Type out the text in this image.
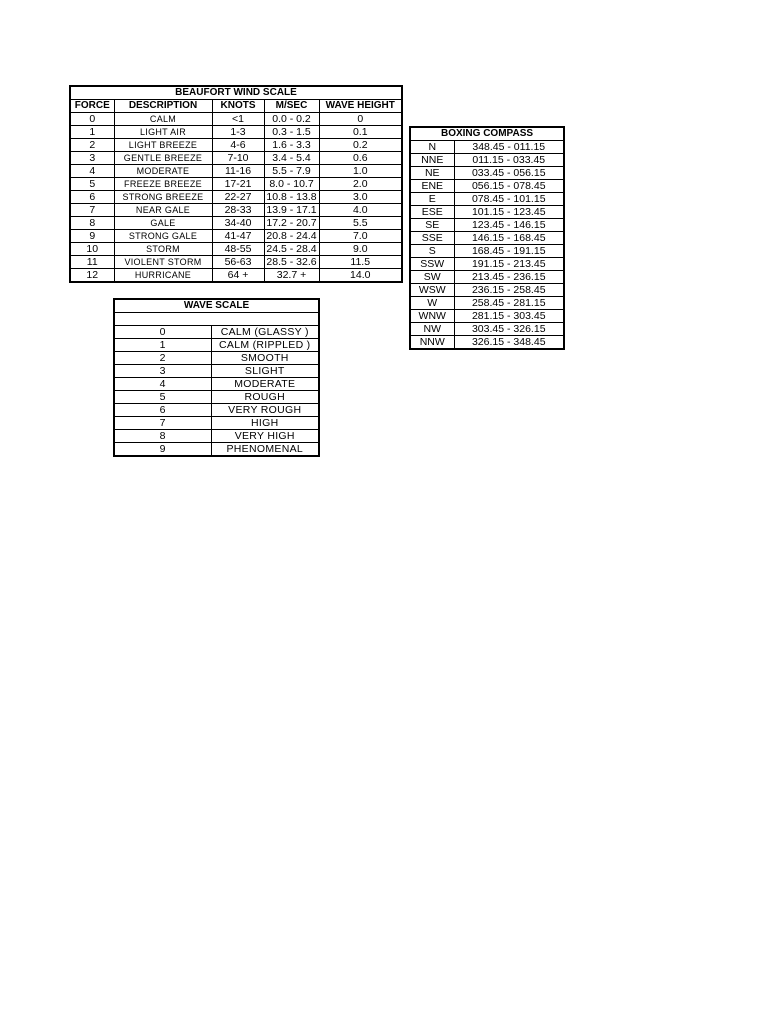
BEAUFORT WIND SCALE				
FORCE	DESCRIPTION	KNOTS	M/SEC	WAVE HEIGHT
0	CALM	<1	0.0 - 0.2	0
1	LIGHT AIR	1-3	0.3 - 1.5	0.1
2	LIGHT BREEZE	4-6	1.6 - 3.3	0.2
3	GENTLE BREEZE	7-10	3.4 - 5.4	0.6
4	MODERATE	11-16	5.5 - 7.9	1.0
5	FREEZE BREEZE	17-21	8.0 - 10.7	2.0
6	STRONG BREEZE	22-27	10.8 - 13.8	3.0
7	NEAR GALE	28-33	13.9 - 17.1	4.0
8	GALE	34-40	17.2 - 20.7	5.5
9	STRONG GALE	41-47	20.8 - 24.4	7.0
10	STORM	48-55	24.5 - 28.4	9.0
11	VIOLENT STORM	56-63	28.5 - 32.6	11.5
12	HURRICANE	64 +	32.7 +	14.0
BOXING COMPASS	
N	348.45 - 011.15
NNE	011.15 - 033.45
NE	033.45 - 056.15
ENE	056.15 - 078.45
E	078.45 - 101.15
ESE	101.15 - 123.45
SE	123.45 - 146.15
SSE	146.15 - 168.45
S	168.45 - 191.15
SSW	191.15 - 213.45
SW	213.45 - 236.15
WSW	236.15 - 258.45
W	258.45 - 281.15
WNW	281.15 - 303.45
NW	303.45 - 326.15
NNW	326.15 - 348.45
WAVE SCALE	

0	CALM (GLASSY )
1	CALM (RIPPLED )
2	SMOOTH
3	SLIGHT
4	MODERATE
5	ROUGH
6	VERY ROUGH
7	HIGH
8	VERY HIGH
9	PHENOMENAL
